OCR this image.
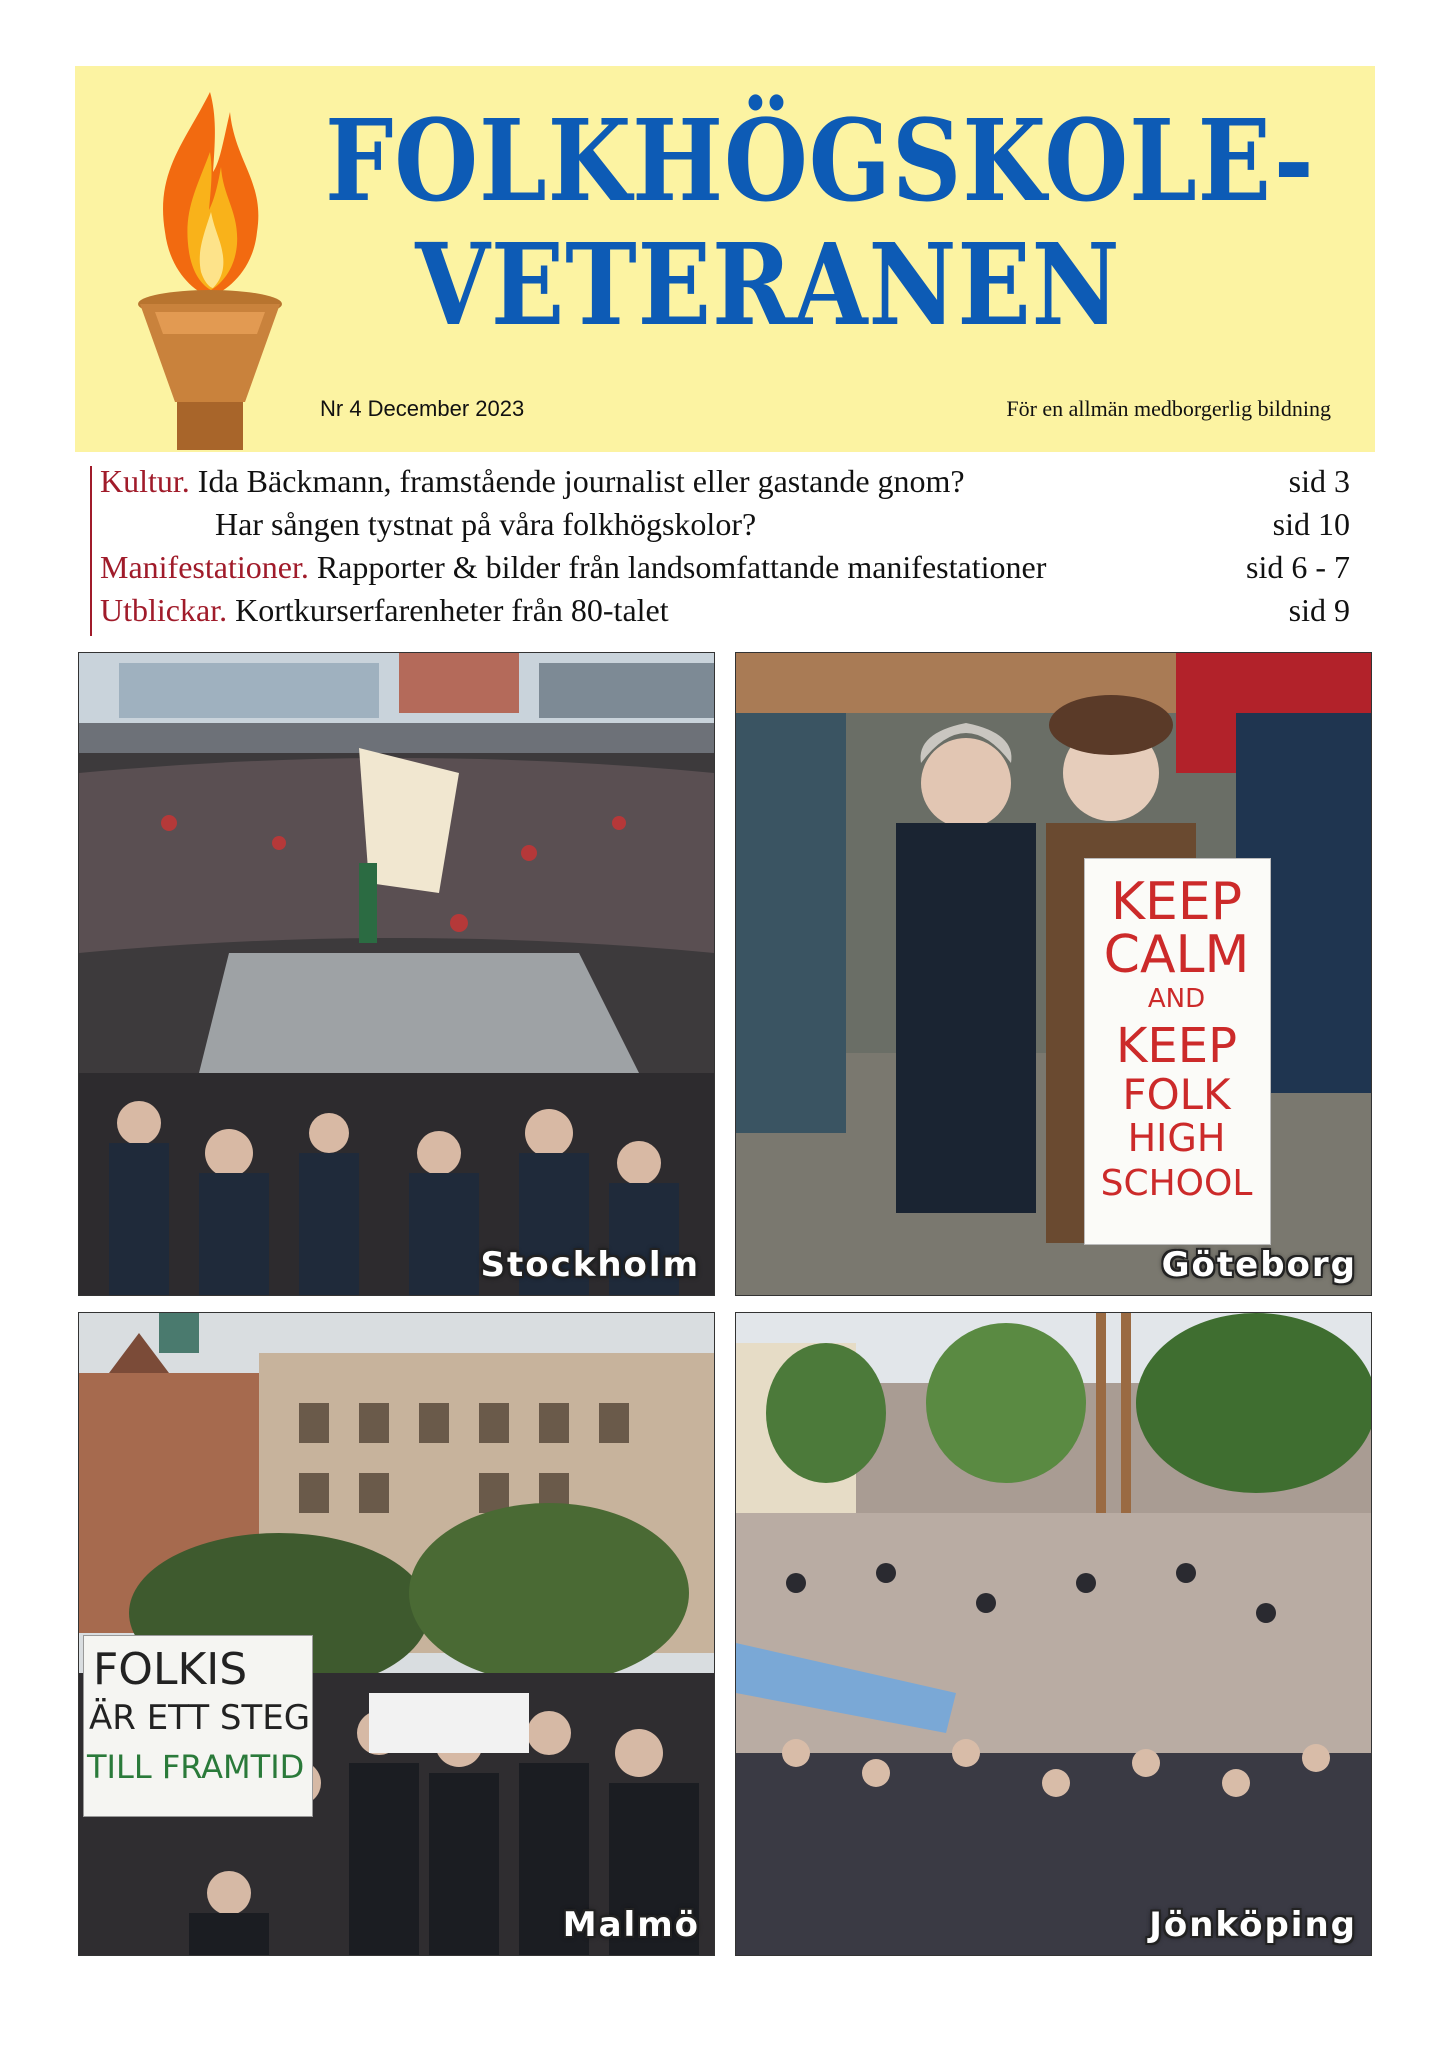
FOLKHÖGSKOLE-
VETERANEN
Nr 4 December 2023	För en allmän medborgerlig bildning
Kultur. Ida Bäckmann, framstående journalist eller gastande gnom?	sid 3
Har sången tystnat på våra folkhögskolor?	sid 10
Manifestationer. Rapporter & bilder från landsomfattande manifestationer	sid 6 - 7
Utblickar. Kortkurserfarenheter från 80-talet	sid 9
Stockholm
KEEP
CALM
AND
KEEP
FOLK
HIGH
SCHOOL
Göteborg
FOLKIS
ÄR ETT STEG
TILL FRAMTID
Malmö	Jönköping
